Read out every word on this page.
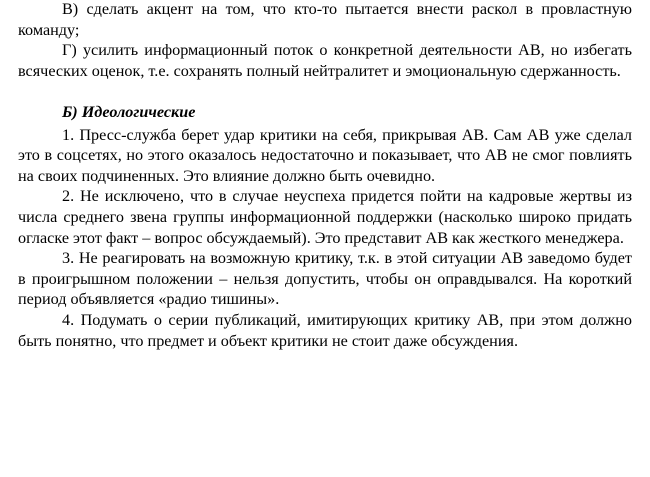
В) сделать акцент на том, что кто-то пытается внести раскол в провластную команду;

Г) усилить информационный поток о конкретной деятельности АВ, но избегать всяческих оценок, т.е. сохранять полный нейтралитет и эмоциональную сдержанность.

Б) Идеологические

1. Пресс-служба берет удар критики на себя, прикрывая АВ. Сам АВ уже сделал это в соцсетях, но этого оказалось недостаточно и показывает, что АВ не смог повлиять на своих подчиненных. Это влияние должно быть очевидно.

2. Не исключено, что в случае неуспеха придется пойти на кадровые жертвы из числа среднего звена группы информационной поддержки (насколько широко придать огласке этот факт – вопрос обсуждаемый). Это представит АВ как жесткого менеджера.

3. Не реагировать на возможную критику, т.к. в этой ситуации АВ заведомо будет в проигрышном положении – нельзя допустить, чтобы он оправдывался. На короткий период объявляется «радио тишины».

4. Подумать о серии публикаций, имитирующих критику АВ, при этом должно быть понятно, что предмет и объект критики не стоит даже обсуждения.
